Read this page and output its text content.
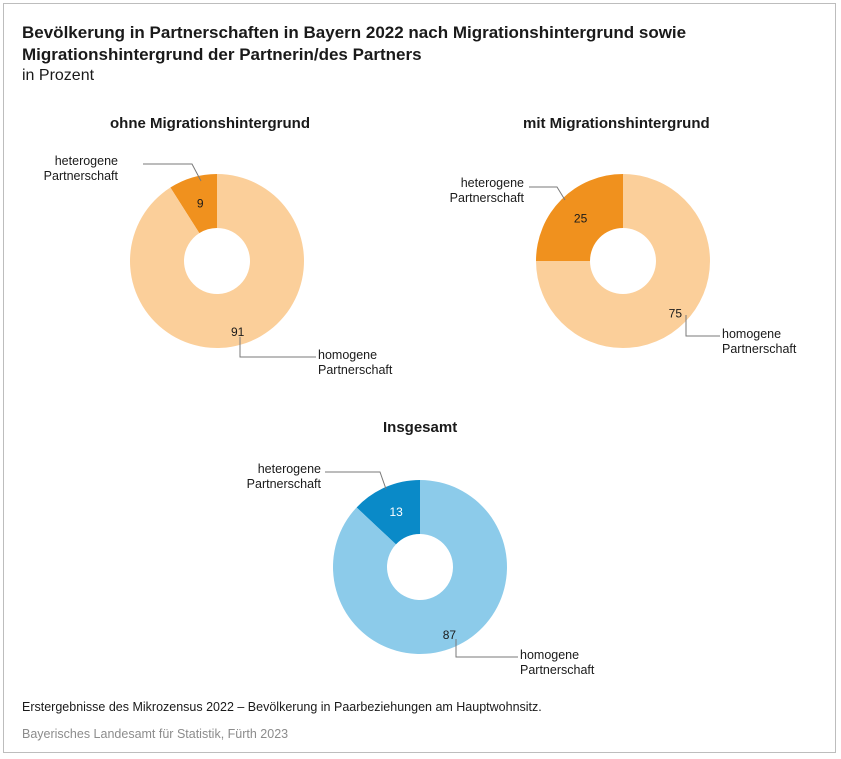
Bevölkerung in Partnerschaften in Bayern 2022 nach Migrationshintergrund sowie
Migrationshintergrund der Partnerin/des Partners
in Prozent
ohne Migrationshintergrund	mit Migrationshintergrund
Insgesamt
9
91
heterogene
Partnerschaft
homogene
Partnerschaft
25
75
heterogene
Partnerschaft
homogene
Partnerschaft
13
87
heterogene
Partnerschaft
homogene
Partnerschaft
Erstergebnisse des Mikrozensus 2022 – Bevölkerung in Paarbeziehungen am Hauptwohnsitz.
Bayerisches Landesamt für Statistik, Fürth 2023
